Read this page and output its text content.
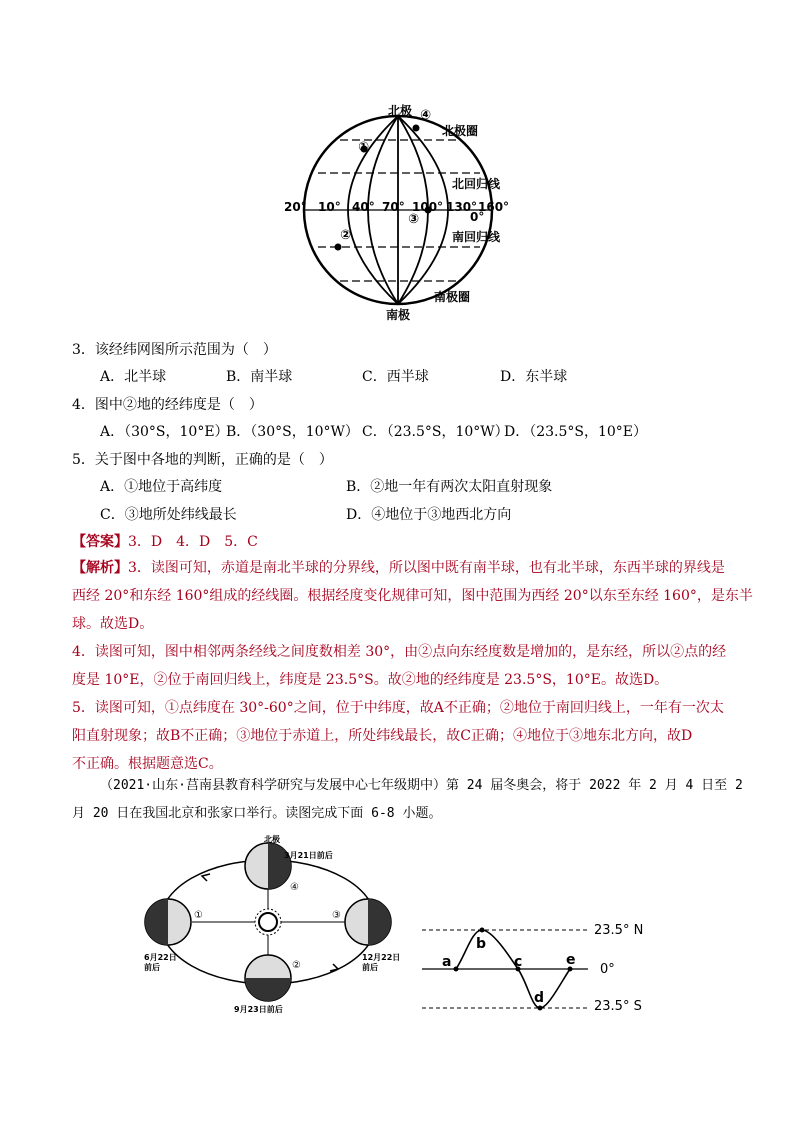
北极
南极
北极圈
北回归线
南回归线
南极圈
20° 10° 40° 70° 100° 130° 160°
0°
①
②
③
④
3．该经纬网图所示范围为（　）
A．北半球	B．南半球	C．西半球	D．东半球
4．图中②地的经纬度是（　）
A．（30°S，10°E）
B．（30°S，10°W） C．（23.5°S，10°W）
D．（23.5°S，10°E）
5．关于图中各地的判断，正确的是（　）
A．①地位于高纬度	B．②地一年有两次太阳直射现象
C．③地所处纬线最长	D．④地位于③地西北方向
【答案】3．D　4．D　5．C
【解析】3．读图可知，赤道是南北半球的分界线，所以图中既有南半球，也有北半球，东西半球的界线是
西经 20°和东经 160°组成的经线圈。根据经度变化规律可知，图中范围为西经 20°以东至东经 160°，是东半
球。故选D。
4．读图可知，图中相邻两条经线之间度数相差 30°，由②点向东经度数是增加的，是东经，所以②点的经
度是 10°E，②位于南回归线上，纬度是 23.5°S。故②地的经纬度是 23.5°S，10°E。故选D。
5．读图可知，①点纬度在 30°-60°之间，位于中纬度，故A不正确；②地位于南回归线上，一年有一次太
阳直射现象；故B不正确；③地位于赤道上，所处纬线最长，故C正确；④地位于③地东北方向，故D
不正确。根据题意选C。
（2021·山东·莒南县教育科学研究与发展中心七年级期中）第 24 届冬奥会，将于 2022 年 2 月 4 日至 2
月 20 日在我国北京和张家口举行。读图完成下面 6-8 小题。
北极
3月21日前后
6月22日
前后
12月22日
前后
9月23日前后
①
②
③
④
a
b
c
d
e
23.5° N
0°
23.5° S
